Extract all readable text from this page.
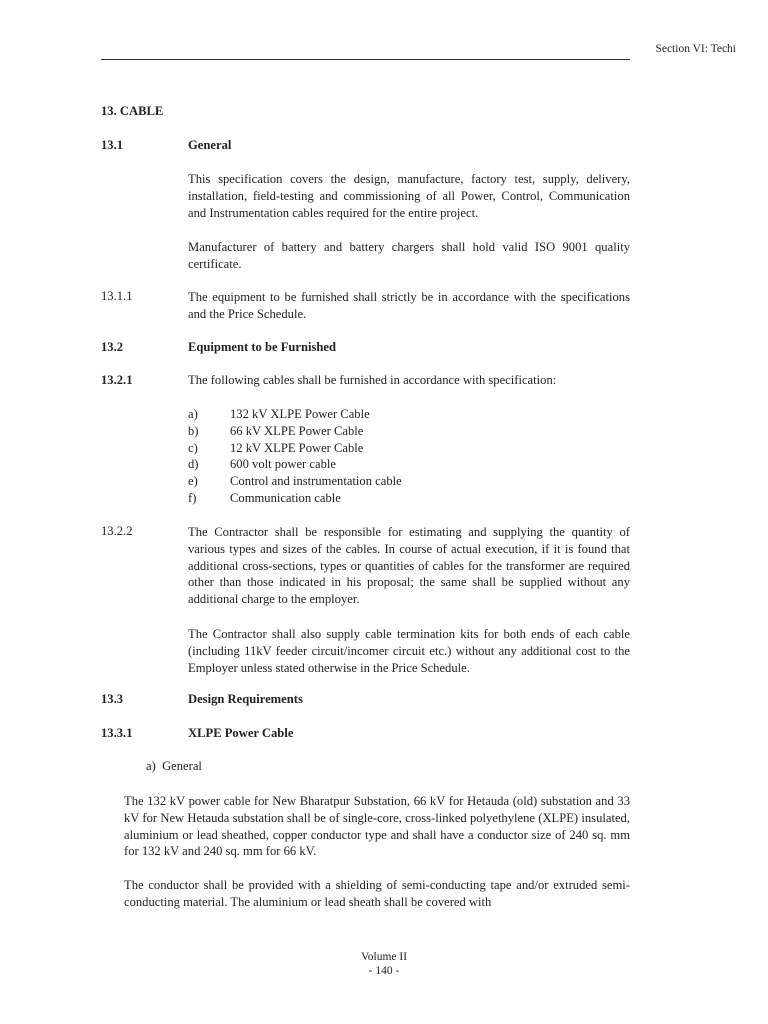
Section VI: Techi
13. CABLE
13.1	General
This specification covers the design, manufacture, factory test, supply, delivery, installation, field-testing and commissioning of all Power, Control, Communication and Instrumentation cables required for the entire project.
Manufacturer of battery and battery chargers shall hold valid ISO 9001 quality certificate.
13.1.1	The equipment to be furnished shall strictly be in accordance with the specifications and the Price Schedule.
13.2	Equipment to be Furnished
13.2.1	The following cables shall be furnished in accordance with specification:
a)	132 kV XLPE Power Cable
b)	66 kV XLPE Power Cable
c)	12 kV XLPE Power Cable
d)	600 volt power cable
e)	Control and instrumentation cable
f)	Communication cable
13.2.2	The Contractor shall be responsible for estimating and supplying the quantity of various types and sizes of the cables. In course of actual execution, if it is found that additional cross-sections, types or quantities of cables for the transformer are required other than those indicated in his proposal; the same shall be supplied without any additional charge to the employer.
The Contractor shall also supply cable termination kits for both ends of each cable (including 11kV feeder circuit/incomer circuit etc.) without any additional cost to the Employer unless stated otherwise in the Price Schedule.
13.3	Design Requirements
13.3.1	XLPE Power Cable
a)  General
The 132 kV power cable for New Bharatpur Substation, 66 kV for Hetauda (old) substation and 33 kV for New Hetauda substation shall be of single-core, cross-linked polyethylene (XLPE) insulated, aluminium or lead sheathed, copper conductor type and shall have a conductor size of 240 sq. mm for 132 kV and 240 sq. mm for 66 kV.
The conductor shall be provided with a shielding of semi-conducting tape and/or extruded semi-conducting material. The aluminium or lead sheath shall be covered with
Volume II
- 140 -
